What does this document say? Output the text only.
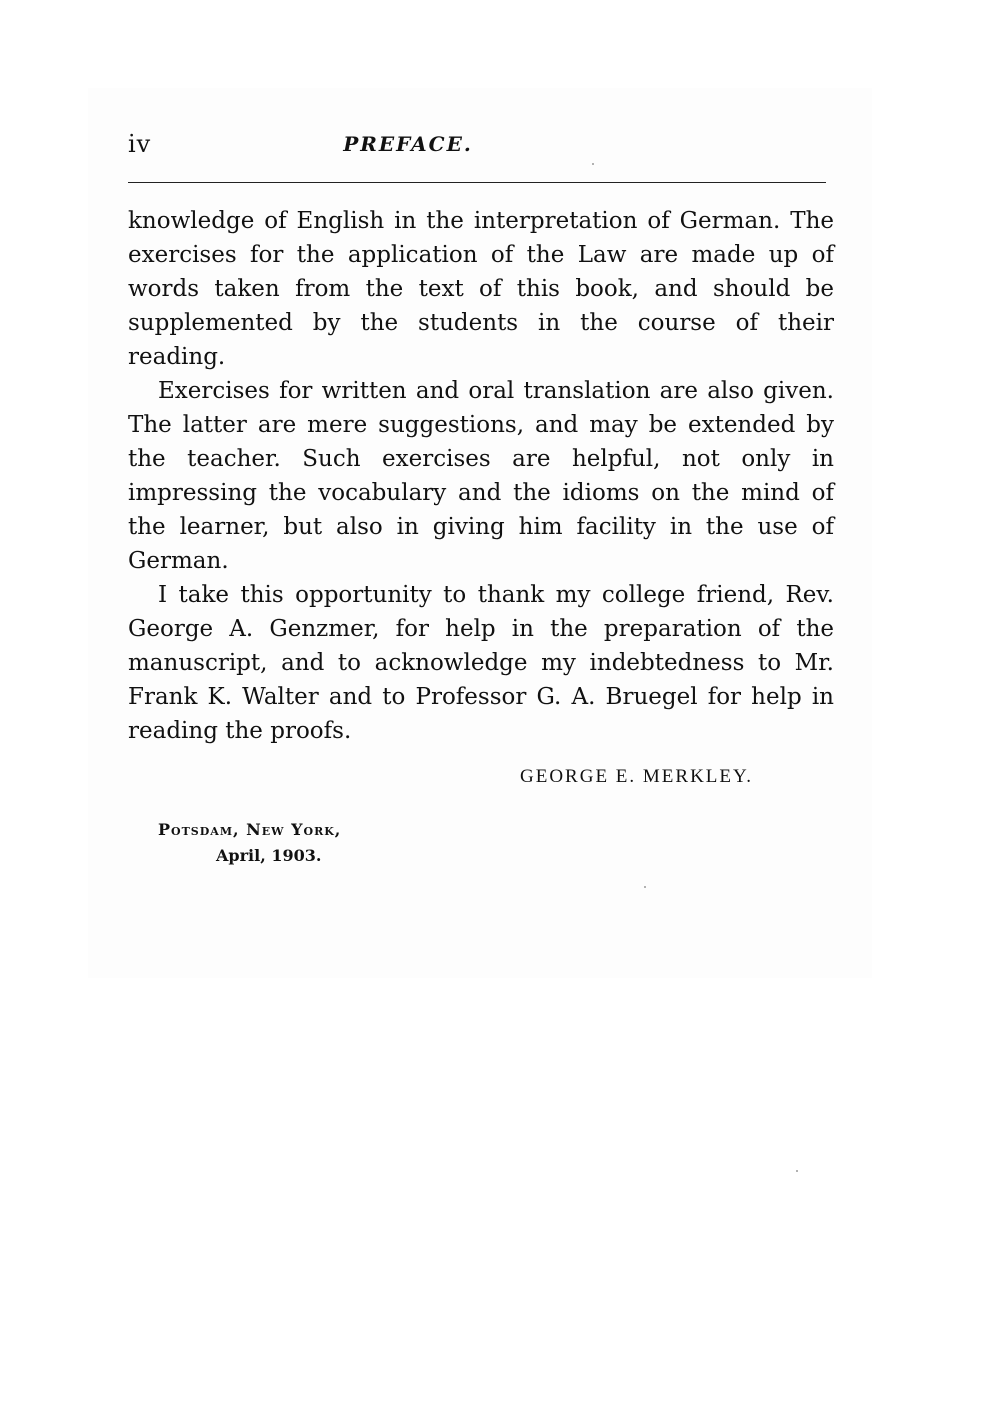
iv	PREFACE.

knowledge of English in the interpretation of German. The exercises for the application of the Law are made up of words taken from the text of this book, and should be supplemented by the students in the course of their reading.

Exercises for written and oral translation are also given. The latter are mere suggestions, and may be extended by the teacher. Such exercises are helpful, not only in impressing the vocabulary and the idioms on the mind of the learner, but also in giving him facility in the use of German.

I take this opportunity to thank my college friend, Rev. George A. Genzmer, for help in the preparation of the manuscript, and to acknowledge my indebtedness to Mr. Frank K. Walter and to Professor G. A. Bruegel for help in reading the proofs.

GEORGE E. MERKLEY.
Potsdam, New York,
April, 1903.
